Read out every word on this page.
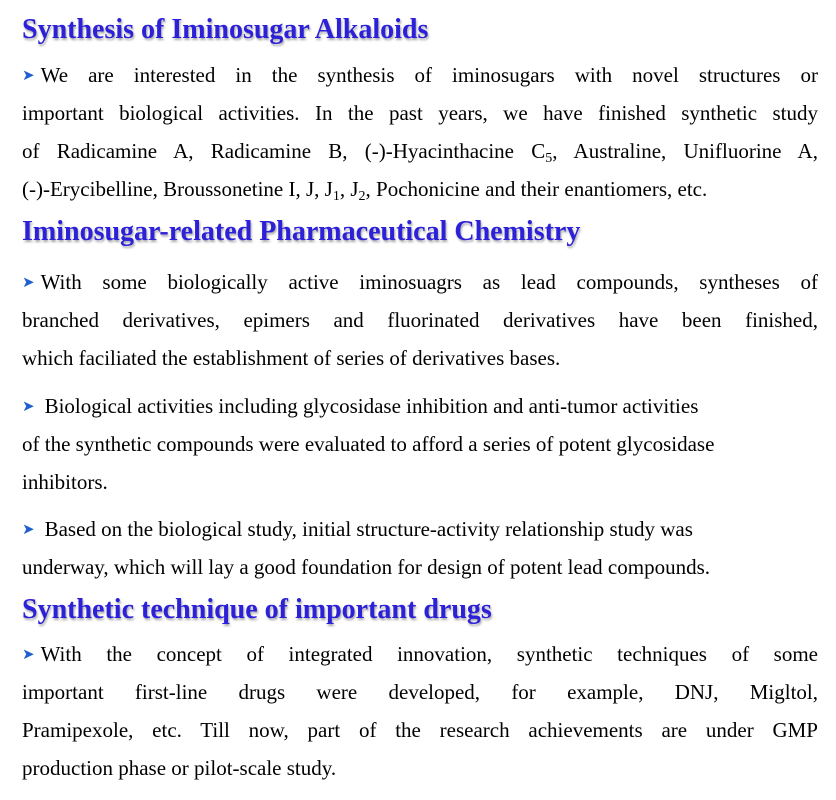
Synthesis of Iminosugar Alkaloids
➤ We are interested in the synthesis of iminosugars with novel structures or
important biological activities. In the past years, we have finished synthetic study
of Radicamine A, Radicamine B, (-)-Hyacinthacine $C_5$, Australine, Unifluorine A,
(-)-Erycibelline, Broussonetine I, J, $J_1$, $J_2$, Pochonicine and their enantiomers, etc.
Iminosugar-related Pharmaceutical Chemistry
➤ With some biologically active iminosuagrs as lead compounds, syntheses of
branched derivatives, epimers and fluorinated derivatives have been finished,
which faciliated the establishment of series of derivatives bases.
➤ Biological activities including glycosidase inhibition and anti-tumor activities
of the synthetic compounds were evaluated to afford a series of potent glycosidase
inhibitors.
➤ Based on the biological study, initial structure-activity relationship study was
underway, which will lay a good foundation for design of potent lead compounds.
Synthetic technique of important drugs
➤ With the concept of integrated innovation, synthetic techniques of some
important first-line drugs were developed, for example, DNJ, Migltol,
Pramipexole, etc. Till now, part of the research achievements are under GMP
production phase or pilot-scale study.
